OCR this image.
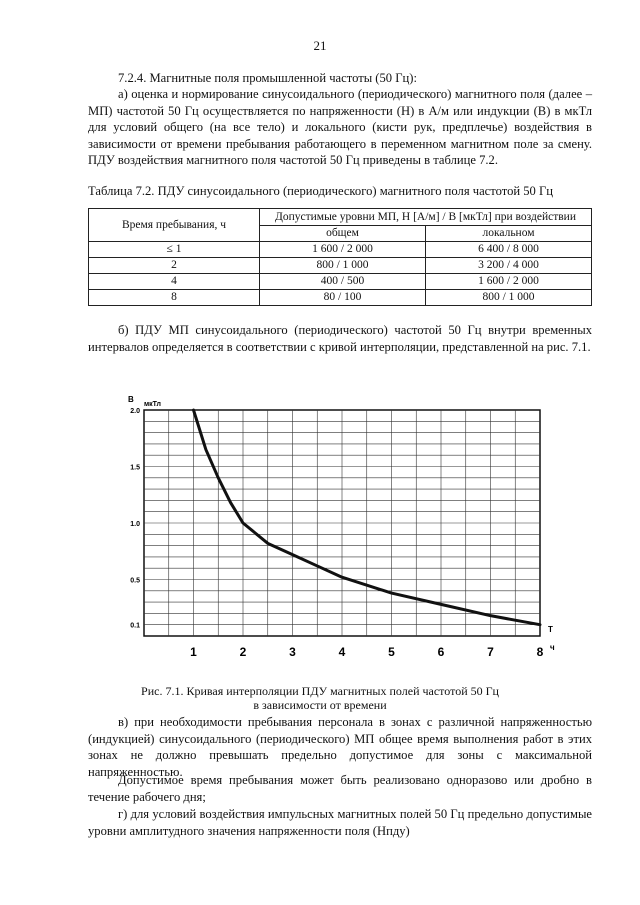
21
7.2.4. Магнитные поля промышленной частоты (50 Гц):
а) оценка и нормирование синусоидального (периодического) магнитного поля (далее – МП) частотой 50 Гц осуществляется по напряженности (Н) в А/м или индукции (В) в мкТл для условий общего (на все тело) и локального (кисти рук, предплечье) воздействия в зависимости от времени пребывания работающего в переменном магнитном поле за смену. ПДУ воздействия магнитного поля частотой 50 Гц приведены в таблице 7.2.
Таблица 7.2. ПДУ синусоидального (периодического) магнитного поля частотой 50 Гц
Время пребывания, ч	Допустимые уровни МП, Н [А/м] / В [мкТл] при воздействии	
	общем	локальном
≤ 1	1 600 / 2 000	6 400 / 8 000
2	800 / 1 000	3 200 / 4 000
4	400 / 500	1 600 / 2 000
8	80 / 100	800 / 1 000
б) ПДУ МП синусоидального (периодического) частотой 50 Гц внутри временных интервалов определяется в соответствии с кривой интерполяции, представленной на рис. 7.1.
2.0
1.5
1.0
0.5
0.1
1	2	3	4	5	6	7	8
B
мкТл
T
ч
Рис. 7.1. Кривая интерполяции ПДУ магнитных полей частотой 50 Гц
в зависимости от времени
в) при необходимости пребывания персонала в зонах с различной напряженностью (индукцией) синусоидального (периодического) МП общее время выполнения работ в этих зонах не должно превышать предельно допустимое для зоны с максимальной напряженностью.
Допустимое время пребывания может быть реализовано одноразово или дробно в течение рабочего дня;
г) для условий воздействия импульсных магнитных полей 50 Гц предельно допустимые уровни амплитудного значения напряженности поля (Нпду)
